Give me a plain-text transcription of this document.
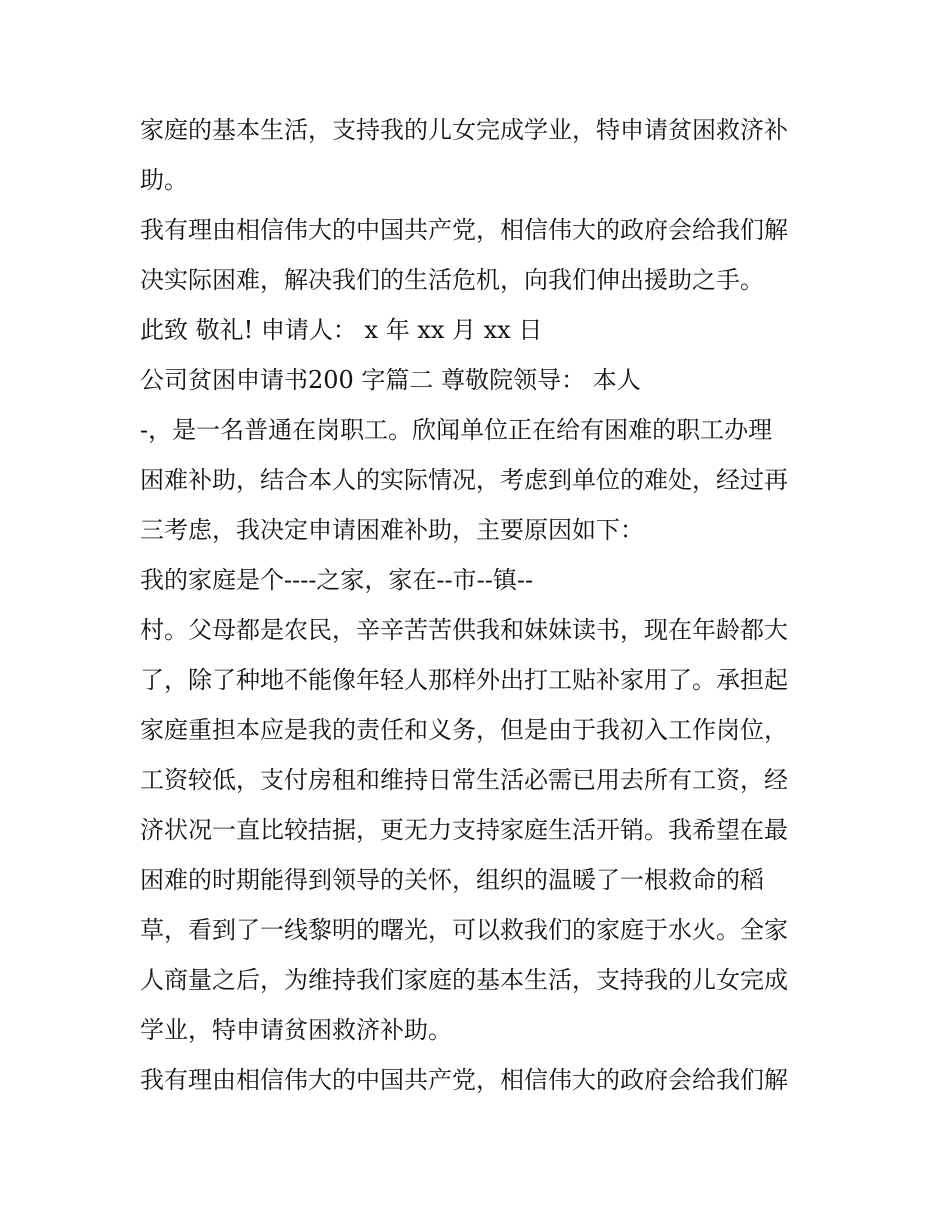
家庭的基本生活，支持我的儿女完成学业，特申请贫困救济补

助。

我有理由相信伟大的中国共产党，相信伟大的政府会给我们解

决实际困难，解决我们的生活危机，向我们伸出援助之手。

此致 敬礼! 申请人： x 年 xx 月 xx 日

公司贫困申请书200 字篇二 尊敬院领导： 本人

-，是一名普通在岗职工。欣闻单位正在给有困难的职工办理

困难补助，结合本人的实际情况，考虑到单位的难处，经过再

三考虑，我决定申请困难补助，主要原因如下：

我的家庭是个----之家，家在--市--镇--

村。父母都是农民，辛辛苦苦供我和妹妹读书，现在年龄都大

了，除了种地不能像年轻人那样外出打工贴补家用了。承担起

家庭重担本应是我的责任和义务，但是由于我初入工作岗位，

工资较低，支付房租和维持日常生活必需已用去所有工资，经

济状况一直比较拮据，更无力支持家庭生活开销。我希望在最

困难的时期能得到领导的关怀，组织的温暖了一根救命的稻

草，看到了一线黎明的曙光，可以救我们的家庭于水火。全家

人商量之后，为维持我们家庭的基本生活，支持我的儿女完成

学业，特申请贫困救济补助。

我有理由相信伟大的中国共产党，相信伟大的政府会给我们解
